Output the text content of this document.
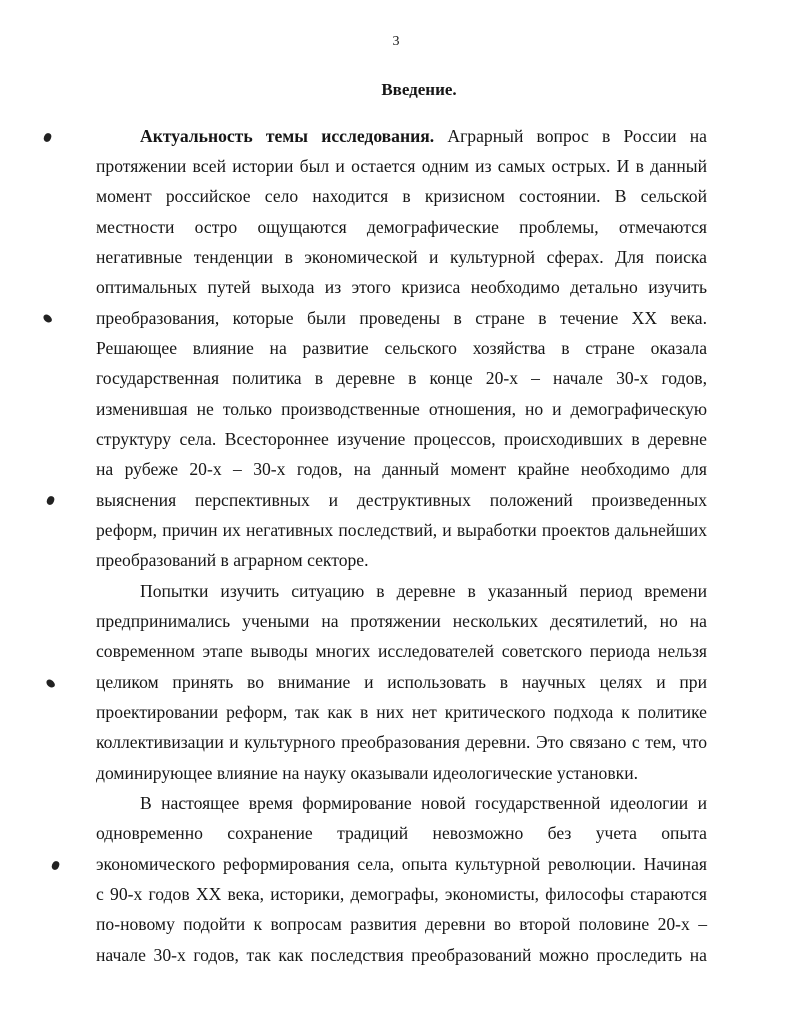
3
Введение.
Актуальность темы исследования. Аграрный вопрос в России на
протяжении всей истории был и остается одним из самых острых. И в данный
момент российское село находится в кризисном состоянии. В сельской
местности остро ощущаются демографические проблемы, отмечаются
негативные тенденции в экономической и культурной сферах. Для поиска
оптимальных путей выхода из этого кризиса необходимо детально изучить
преобразования, которые были проведены в стране в течение XX века.
Решающее влияние на развитие сельского хозяйства в стране оказала
государственная политика в деревне в конце 20-х – начале 30-х годов,
изменившая не только производственные отношения, но и демографическую
структуру села. Всестороннее изучение процессов, происходивших в деревне
на рубеже 20-х – 30-х годов, на данный момент крайне необходимо для
выяснения перспективных и деструктивных положений произведенных
реформ, причин их негативных последствий, и выработки проектов дальнейших
преобразований в аграрном секторе.
Попытки изучить ситуацию в деревне в указанный период времени
предпринимались учеными на протяжении нескольких десятилетий, но на
современном этапе выводы многих исследователей советского периода нельзя
целиком принять во внимание и использовать в научных целях и при
проектировании реформ, так как в них нет критического подхода к политике
коллективизации и культурного преобразования деревни. Это связано с тем, что
доминирующее влияние на науку оказывали идеологические установки.
В настоящее время формирование новой государственной идеологии и
одновременно сохранение традиций невозможно без учета опыта
экономического реформирования села, опыта культурной революции. Начиная
с 90-х годов XX века, историки, демографы, экономисты, философы стараются
по-новому подойти к вопросам развития деревни во второй половине 20-х –
начале 30-х годов, так как последствия преобразований можно проследить на
